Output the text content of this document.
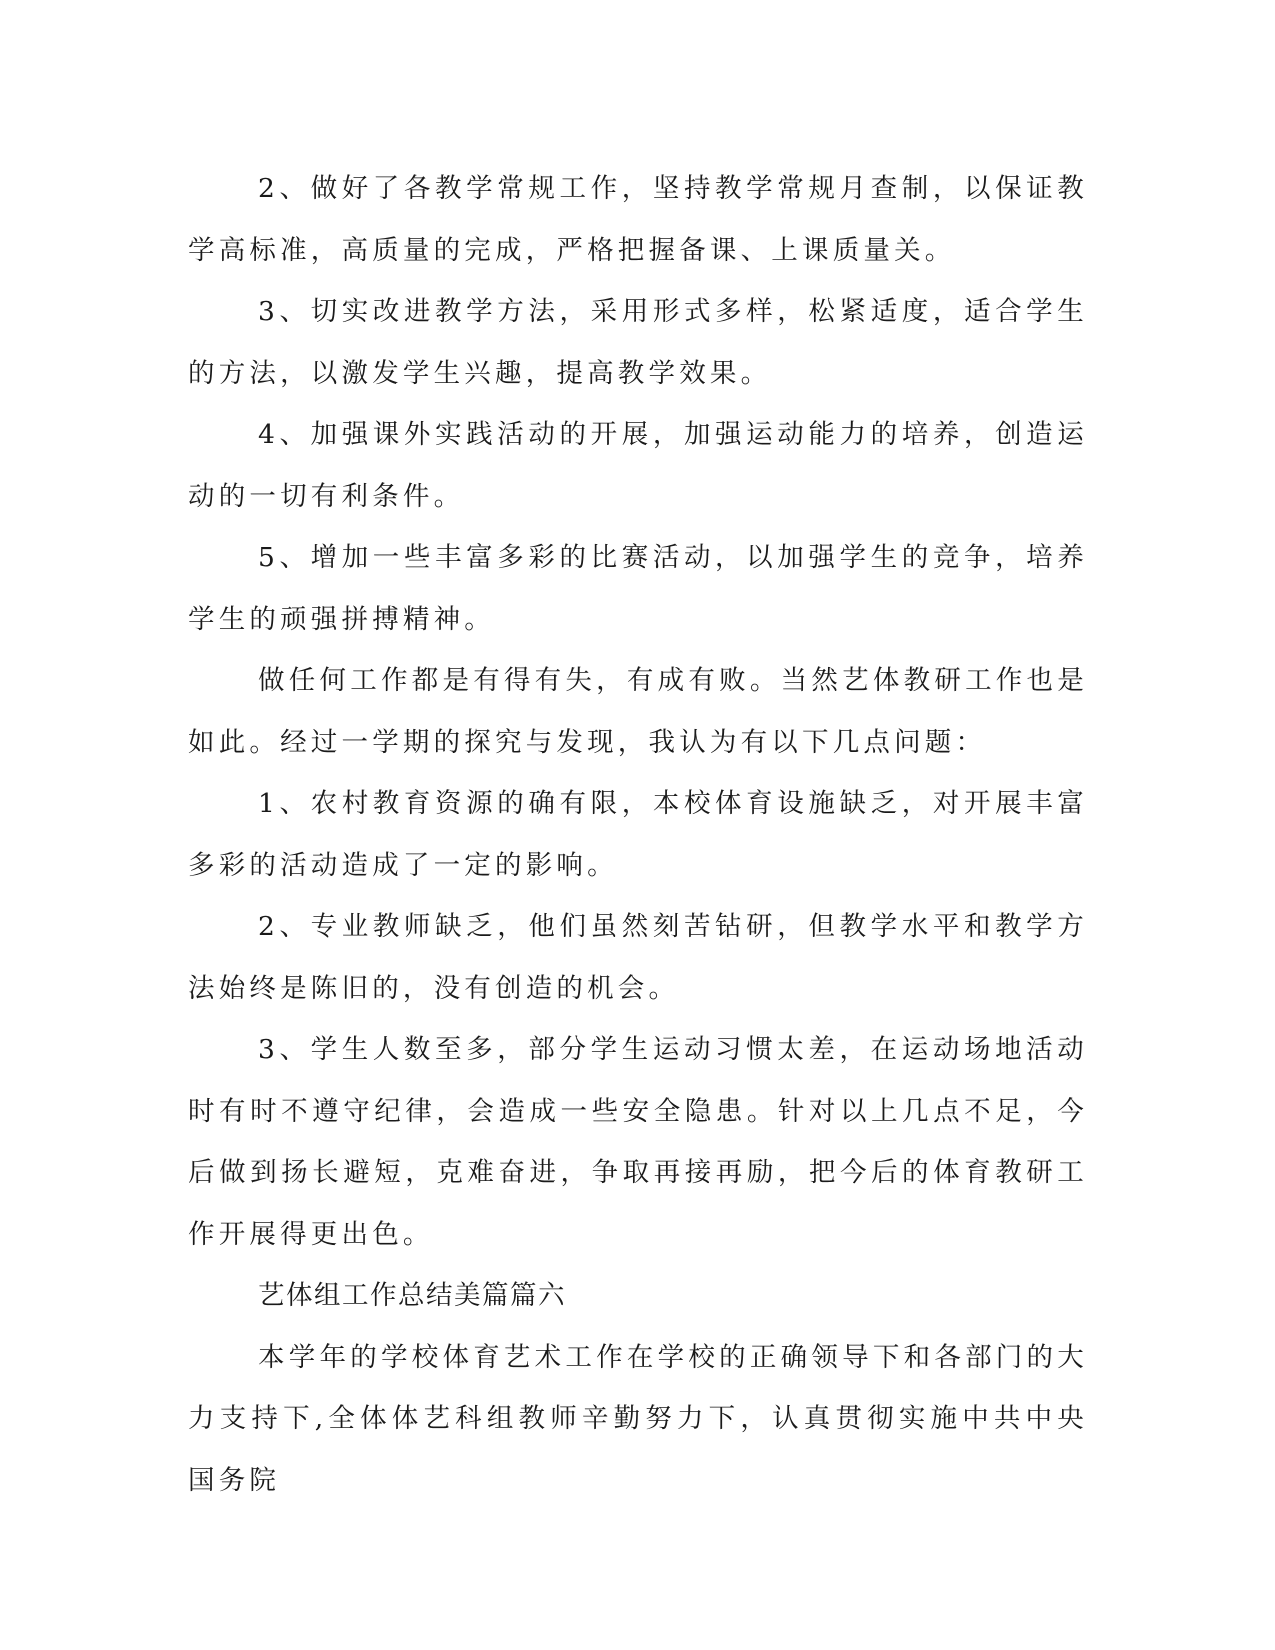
2、做好了各教学常规工作，坚持教学常规月查制，以保证教学高标准，高质量的完成，严格把握备课、上课质量关。

3、切实改进教学方法，采用形式多样，松紧适度，适合学生的方法，以激发学生兴趣，提高教学效果。

4、加强课外实践活动的开展，加强运动能力的培养，创造运动的一切有利条件。

5、增加一些丰富多彩的比赛活动，以加强学生的竞争，培养学生的顽强拼搏精神。

做任何工作都是有得有失，有成有败。当然艺体教研工作也是如此。经过一学期的探究与发现，我认为有以下几点问题：

1、农村教育资源的确有限，本校体育设施缺乏，对开展丰富多彩的活动造成了一定的影响。

2、专业教师缺乏，他们虽然刻苦钻研，但教学水平和教学方法始终是陈旧的，没有创造的机会。

3、学生人数至多，部分学生运动习惯太差，在运动场地活动时有时不遵守纪律，会造成一些安全隐患。针对以上几点不足，今后做到扬长避短，克难奋进，争取再接再励，把今后的体育教研工作开展得更出色。

艺体组工作总结美篇篇六

本学年的学校体育艺术工作在学校的正确领导下和各部门的大力支持下,全体体艺科组教师辛勤努力下，认真贯彻实施中共中央国务院
